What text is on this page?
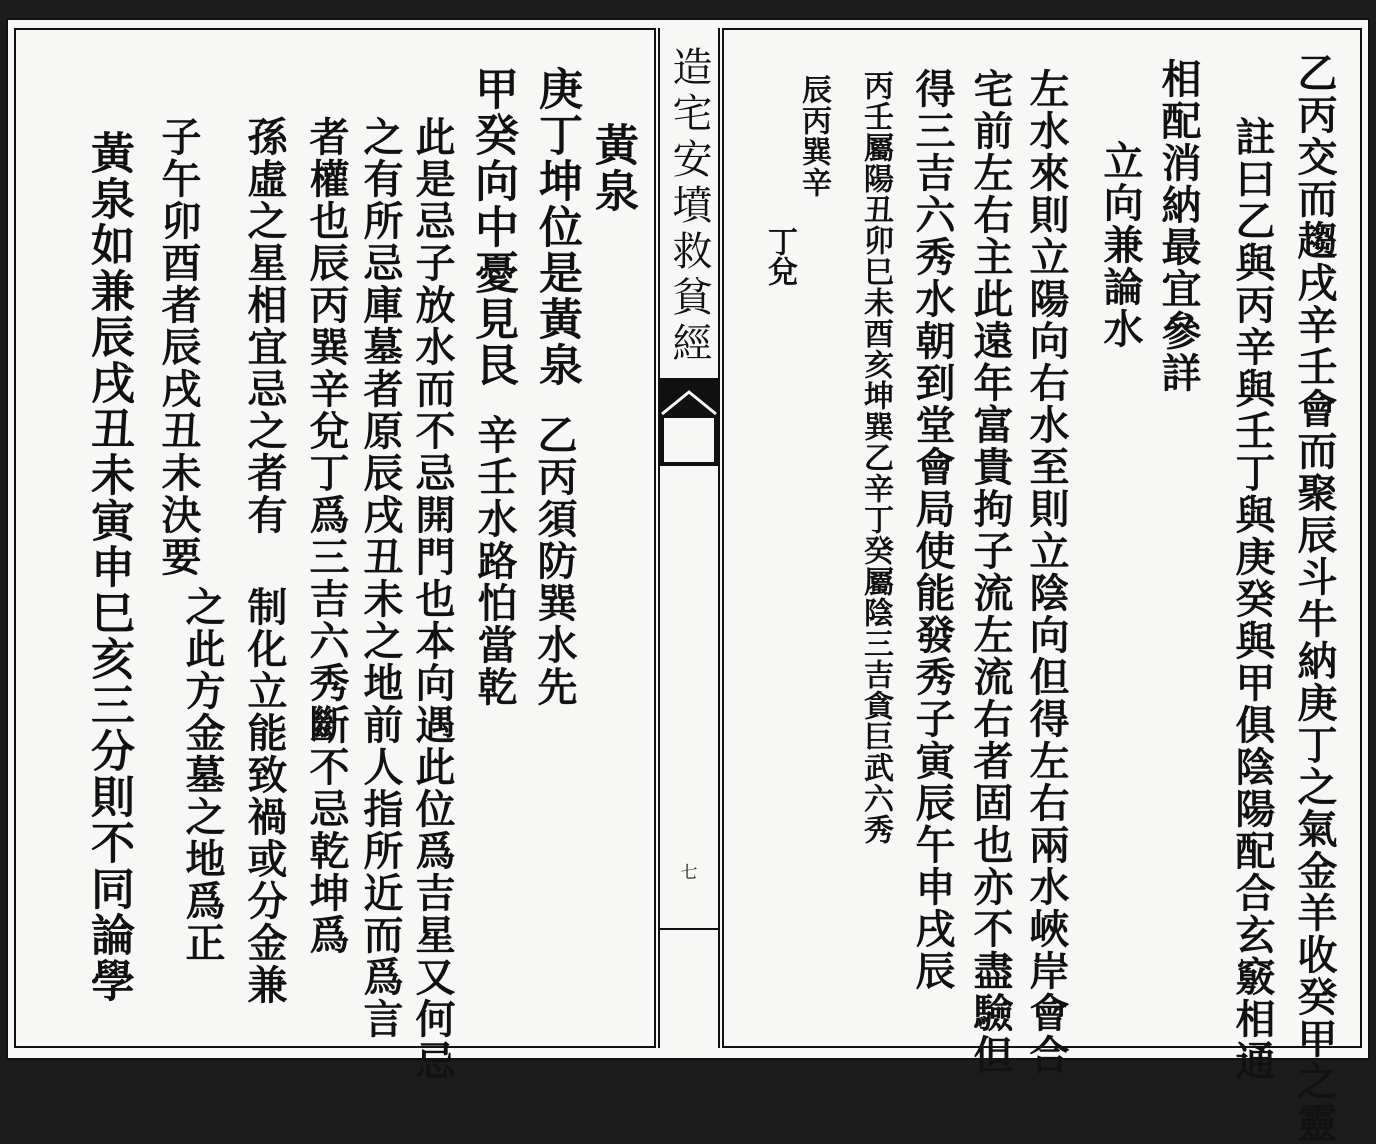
黃泉
庚丁坤位是黃泉
乙丙須防巽水先
甲癸向中憂見艮
辛壬水路怕當乾
此是忌子放水而不忌開門也本向遇此位爲吉星又何忌
之有所忌庫墓者原辰戌丑未之地前人指所近而爲言
者權也辰丙巽辛兌丁爲三吉六秀斷不忌乾坤爲
孫虛之星相宜忌之者有
制化立能致禍或分金兼
子午卯酉者辰戌丑未決要
之此方金墓之地爲正
黃泉如兼辰戌丑未寅申巳亥三分則不同論學	造宅安墳救貧經
七	乙丙交而趨戌辛壬會而聚辰斗牛納庚丁之氣金羊收癸甲之靈
註曰乙與丙辛與壬丁與庚癸與甲俱陰陽配合玄竅相通
相配消納最宜參詳
立向兼論水
左水來則立陽向右水至則立陰向但得左右兩水峽岸會合
宅前左右主此遠年富貴拘子流左流右者固也亦不盡驗但
得三吉六秀水朝到堂會局使能發秀子寅辰午申戌辰
丙壬屬陽丑卯巳未酉亥坤巽乙辛丁癸屬陰三吉貪巨武六秀
辰丙巽辛
丁兌
